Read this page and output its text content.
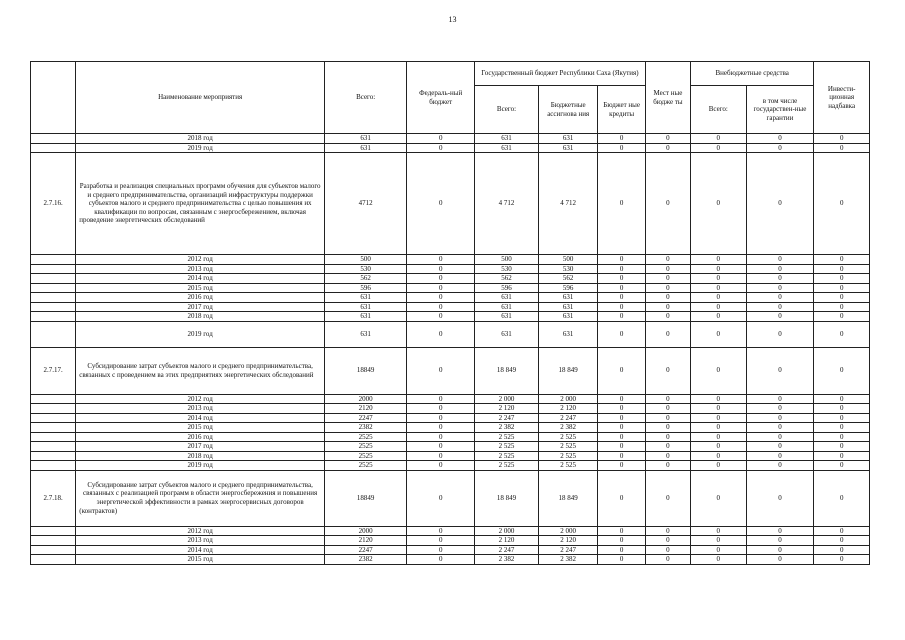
13
	Наименование мероприятия	Всего:	Федераль-ный бюджет	Государственный бюджет Республики Саха (Якутия)			Мест ные бюдже ты	Внебюджетные средства		Инвести-ционная надбавка
				Всего:	Бюджетные ассигнова ния	Бюджет ные кредиты		Всего:	в том числе государствен-ные гарантии	
	2018 год	631	0	631	631	0	0	0	0	0
	2019 год	631	0	631	631	0	0	0	0	0
2.7.16.	Разработка и реализация специальных программ обучения для субъектов малого и среднего предпринимательства, организаций инфраструктуры поддержки субъектов малого и среднего предпринимательства с целью повышения их квалификации по вопросам, связанным с энергосбережением, включая проведение энергетических обследований	4712	0	4 712	4 712	0	0	0	0	0
	2012 год	500	0	500	500	0	0	0	0	0
	2013 год	530	0	530	530	0	0	0	0	0
	2014 год	562	0	562	562	0	0	0	0	0
	2015 год	596	0	596	596	0	0	0	0	0
	2016 год	631	0	631	631	0	0	0	0	0
	2017 год	631	0	631	631	0	0	0	0	0
	2018 год	631	0	631	631	0	0	0	0	0
	2019 год	631	0	631	631	0	0	0	0	0
2.7.17.	Субсидирование затрат субъектов малого и среднего предпринимательства, связанных с проведением ва этих предприятиях энергетических обследований	18849	0	18 849	18 849	0	0	0	0	0
	2012 год	2000	0	2 000	2 000	0	0	0	0	0
	2013 год	2120	0	2 120	2 120	0	0	0	0	0
	2014 год	2247	0	2 247	2 247	0	0	0	0	0
	2015 год	2382	0	2 382	2 382	0	0	0	0	0
	2016 год	2525	0	2 525	2 525	0	0	0	0	0
	2017 год	2525	0	2 525	2 525	0	0	0	0	0
	2018 год	2525	0	2 525	2 525	0	0	0	0	0
	2019 год	2525	0	2 525	2 525	0	0	0	0	0
2.7.18.	Субсидирование затрат субъектов малого и среднего предпринимательства, связанных с реализацией программ в области энергосбережения и повышения энергетической эффективности в рамках энергосервисных договоров (контрактов)	18849	0	18 849	18 849	0	0	0	0	0
	2012 год	2000	0	2 000	2 000	0	0	0	0	0
	2013 год	2120	0	2 120	2 120	0	0	0	0	0
	2014 год	2247	0	2 247	2 247	0	0	0	0	0
	2015 год	2382	0	2 382	2 382	0	0	0	0	0
